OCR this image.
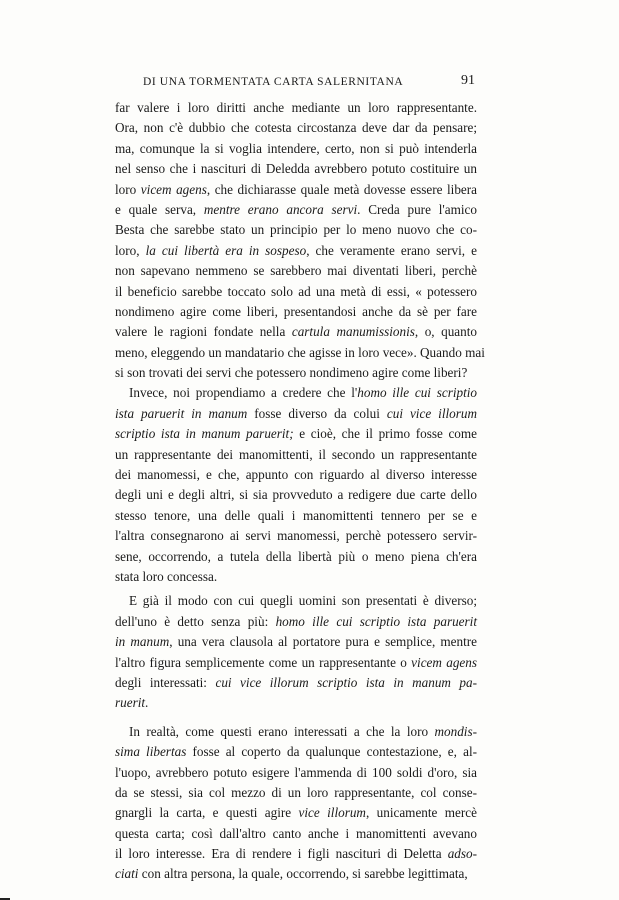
DI UNA TORMENTATA CARTA SALERNITANA	91
far valere i loro diritti anche mediante un loro rappresentante.
Ora, non c'è dubbio che cotesta circostanza deve dar da pensare;
ma, comunque la si voglia intendere, certo, non si può intenderla
nel senso che i nascituri di Deledda avrebbero potuto costituire un
loro vicem agens, che dichiarasse quale metà dovesse essere libera
e quale serva, mentre erano ancora servi. Creda pure l'amico
Besta che sarebbe stato un principio per lo meno nuovo che co-
loro, la cui libertà era in sospeso, che veramente erano servi, e
non sapevano nemmeno se sarebbero mai diventati liberi, perchè
il beneficio sarebbe toccato solo ad una metà di essi, « potessero
nondimeno agire come liberi, presentandosi anche da sè per fare
valere le ragioni fondate nella cartula manumissionis, o, quanto
meno, eleggendo un mandatario che agisse in loro vece». Quando mai
si son trovati dei servi che potessero nondimeno agire come liberi?
Invece, noi propendiamo a credere che l'homo ille cui scriptio
ista paruerit in manum fosse diverso da colui cui vice illorum
scriptio ista in manum paruerit; e cioè, che il primo fosse come
un rappresentante dei manomittenti, il secondo un rappresentante
dei manomessi, e che, appunto con riguardo al diverso interesse
degli uni e degli altri, si sia provveduto a redigere due carte dello
stesso tenore, una delle quali i manomittenti tennero per se e
l'altra consegnarono ai servi manomessi, perchè potessero servir-
sene, occorrendo, a tutela della libertà più o meno piena ch'era
stata loro concessa.
E già il modo con cui quegli uomini son presentati è diverso;
dell'uno è detto senza più: homo ille cui scriptio ista paruerit
in manum, una vera clausola al portatore pura e semplice, mentre
l'altro figura semplicemente come un rappresentante o vicem agens
degli interessati: cui vice illorum scriptio ista in manum pa-
ruerit.
In realtà, come questi erano interessati a che la loro mondis-
sima libertas fosse al coperto da qualunque contestazione, e, al-
l'uopo, avrebbero potuto esigere l'ammenda di 100 soldi d'oro, sia
da se stessi, sia col mezzo di un loro rappresentante, col conse-
gnargli la carta, e questi agire vice illorum, unicamente mercè
questa carta; così dall'altro canto anche i manomittenti avevano
il loro interesse. Era di rendere i figli nascituri di Deletta adso-
ciati con altra persona, la quale, occorrendo, si sarebbe legittimata,
